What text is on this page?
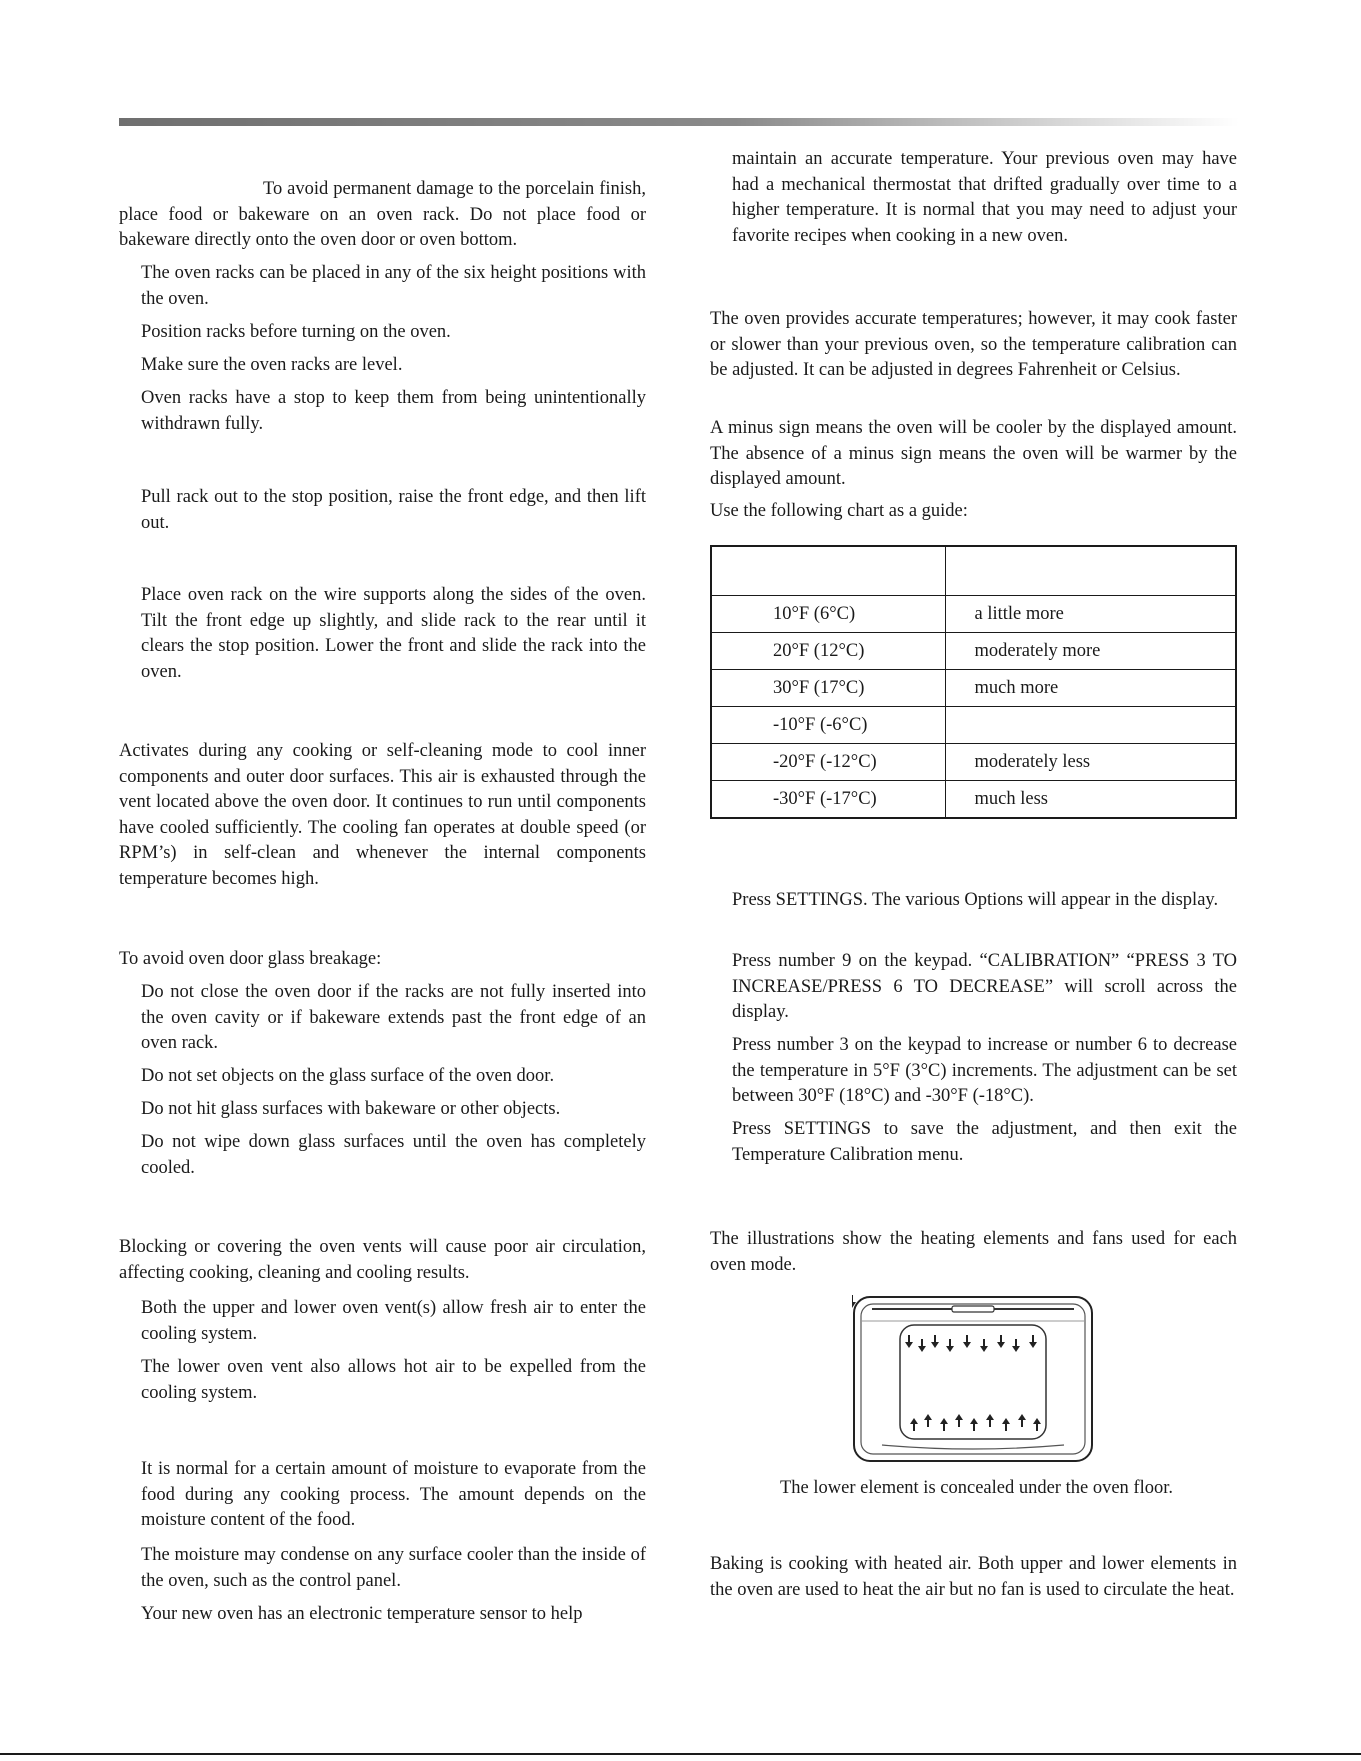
To avoid permanent damage to the porcelain finish, place food or bakeware on an oven rack. Do not place food or bakeware directly onto the oven door or oven bottom.

The oven racks can be placed in any of the six height positions with the oven.

Position racks before turning on the oven.

Make sure the oven racks are level.

Oven racks have a stop to keep them from being unintentionally withdrawn fully.

Pull rack out to the stop position, raise the front edge, and then lift out.

Place oven rack on the wire supports along the sides of the oven. Tilt the front edge up slightly, and slide rack to the rear until it clears the stop position. Lower the front and slide the rack into the oven.

Activates during any cooking or self-cleaning mode to cool inner components and outer door surfaces. This air is exhausted through the vent located above the oven door. It continues to run until components have cooled sufficiently. The cooling fan operates at double speed (or RPM’s) in self-clean and whenever the internal components temperature becomes high.

To avoid oven door glass breakage:

Do not close the oven door if the racks are not fully inserted into the oven cavity or if bakeware extends past the front edge of an oven rack.

Do not set objects on the glass surface of the oven door.

Do not hit glass surfaces with bakeware or other objects.

Do not wipe down glass surfaces until the oven has completely cooled.

Blocking or covering the oven vents will cause poor air circulation, affecting cooking, cleaning and cooling results.

Both the upper and lower oven vent(s) allow fresh air to enter the cooling system.

The lower oven vent also allows hot air to be expelled from the cooling system.

It is normal for a certain amount of moisture to evaporate from the food during any cooking process. The amount depends on the moisture content of the food.

The moisture may condense on any surface cooler than the inside of the oven, such as the control panel.

Your new oven has an electronic temperature sensor to help

maintain an accurate temperature. Your previous oven may have had a mechanical thermostat that drifted gradually over time to a higher temperature. It is normal that you may need to adjust your favorite recipes when cooking in a new oven.

The oven provides accurate temperatures; however, it may cook faster or slower than your previous oven, so the temperature calibration can be adjusted. It can be adjusted in degrees Fahrenheit or Celsius.

A minus sign means the oven will be cooler by the displayed amount. The absence of a minus sign means the oven will be warmer by the displayed amount.

Use the following chart as a guide:

10°F (6°C)	a little more
20°F (12°C)	moderately more
30°F (17°C)	much more
-10°F (-6°C)	
-20°F (-12°C)	moderately less
-30°F (-17°C)	much less

Press SETTINGS. The various Options will appear in the display.

Press number 9 on the keypad. “CALIBRATION” “PRESS 3 TO INCREASE/PRESS 6 TO DECREASE” will scroll across the display.

Press number 3 on the keypad to increase or number 6 to decrease the temperature in 5°F (3°C) increments. The adjustment can be set between 30°F (18°C) and -30°F (-18°C).

Press SETTINGS to save the adjustment, and then exit the Temperature Calibration menu.

The illustrations show the heating elements and fans used for each oven mode.

The lower element is concealed under the oven floor.

Baking is cooking with heated air. Both upper and lower elements in the oven are used to heat the air but no fan is used to circulate the heat.
